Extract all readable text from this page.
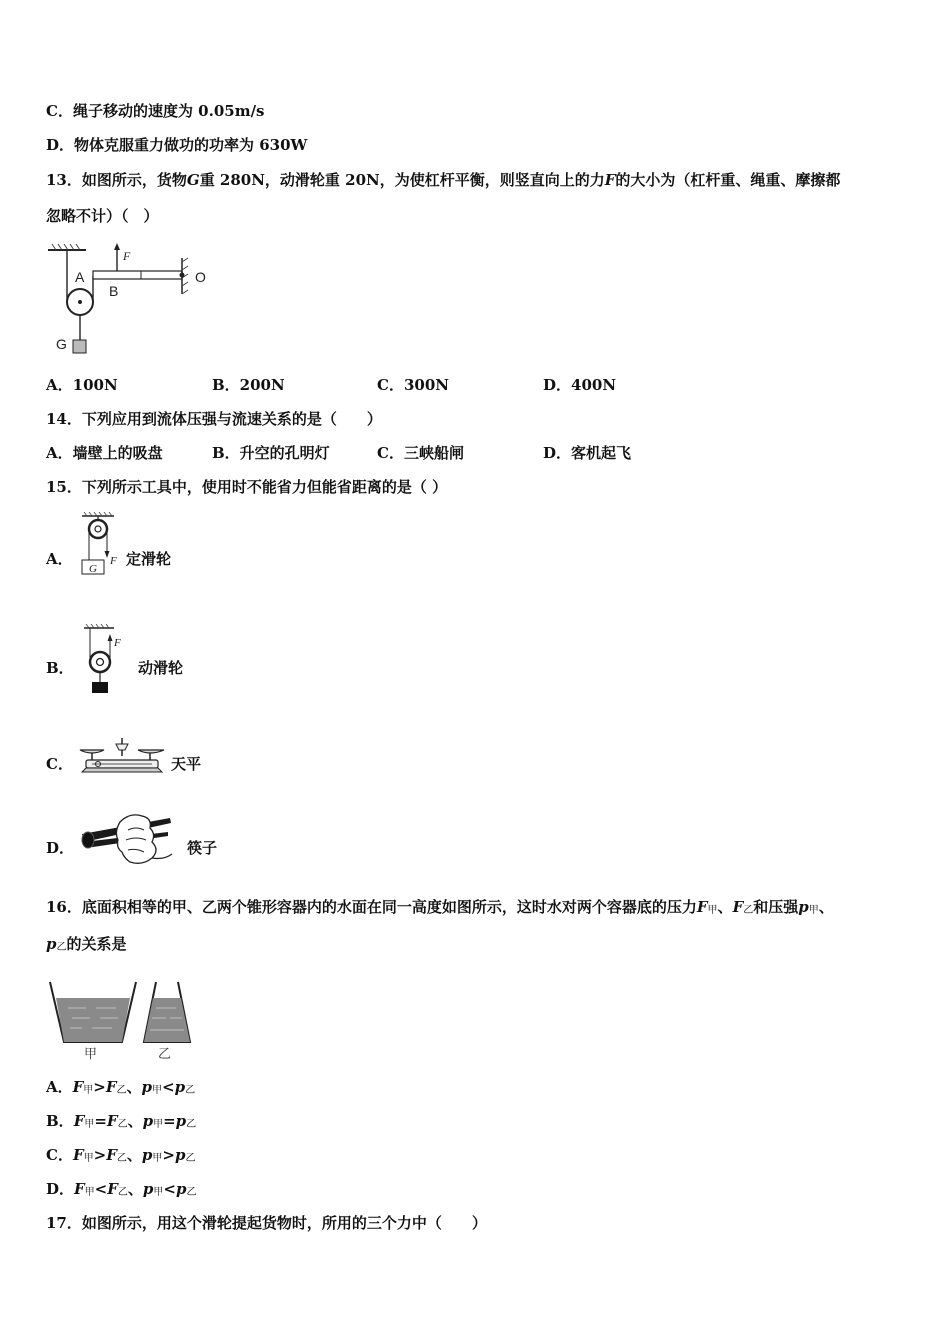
C．绳子移动的速度为 0.05m/s
D．物体克服重力做功的功率为 630W
13．如图所示，货物G重 280N，动滑轮重 20N，为使杠杆平衡，则竖直向上的力F的大小为（杠杆重、绳重、摩擦都
忽略不计）（　）
A
B
O
F
G
A．100N	B．200N	C．300N	D．400N
14．下列应用到流体压强与流速关系的是（　　）
A．墙壁上的吸盘	B．升空的孔明灯	C．三峡船闸	D．客机起飞
15．下列所示工具中，使用时不能省力但能省距离的是（ ）
A．
G
F 定滑轮
B．
F
动滑轮
C．	天平
D．	筷子
16．底面积相等的甲、乙两个锥形容器内的水面在同一高度如图所示，这时水对两个容器底的压力F甲、F乙和压强p甲、
p乙的关系是
甲	乙
A．F甲>F乙、p甲<p乙
B．F甲=F乙、p甲=p乙
C．F甲>F乙、p甲>p乙
D．F甲<F乙、p甲<p乙
17．如图所示，用这个滑轮提起货物时，所用的三个力中（　　）
